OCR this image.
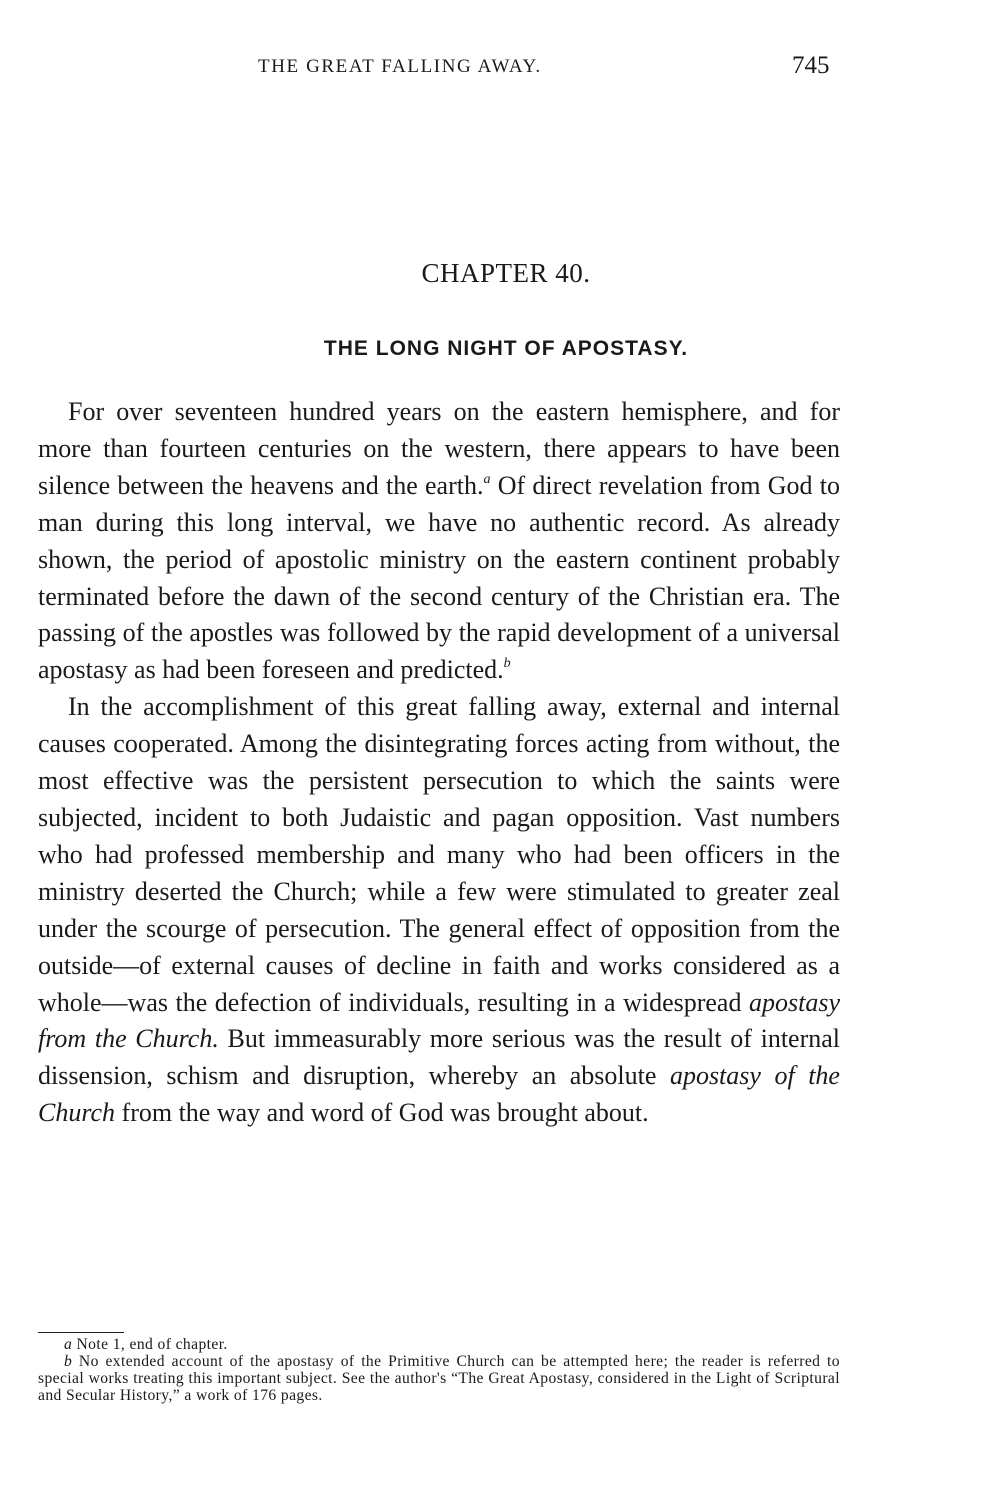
THE GREAT FALLING AWAY.	745
CHAPTER 40.
THE LONG NIGHT OF APOSTASY.

For over seventeen hundred years on the eastern hemisphere, and for more than fourteen centuries on the western, there appears to have been silence between the heavens and the earth.$^a$ Of direct revelation from God to man during this long interval, we have no authentic record. As already shown, the period of apostolic ministry on the eastern continent probably terminated before the dawn of the second century of the Christian era. The passing of the apostles was followed by the rapid development of a universal apostasy as had been foreseen and predicted.$^b$

In the accomplishment of this great falling away, external and internal causes cooperated. Among the disintegrating forces acting from without, the most effective was the persistent persecution to which the saints were subjected, incident to both Judaistic and pagan opposition. Vast numbers who had professed membership and many who had been officers in the ministry deserted the Church; while a few were stimulated to greater zeal under the scourge of persecution. The general effect of opposition from the outside—of external causes of decline in faith and works considered as a whole—was the defection of individuals, resulting in a widespread apostasy from the Church. But immeasurably more serious was the result of internal dissension, schism and disruption, whereby an absolute apostasy of the Church from the way and word of God was brought about.

a Note 1, end of chapter.

b No extended account of the apostasy of the Primitive Church can be attempted here; the reader is referred to special works treating this important subject. See the author's “The Great Apostasy, considered in the Light of Scriptural and Secular History,” a work of 176 pages.
